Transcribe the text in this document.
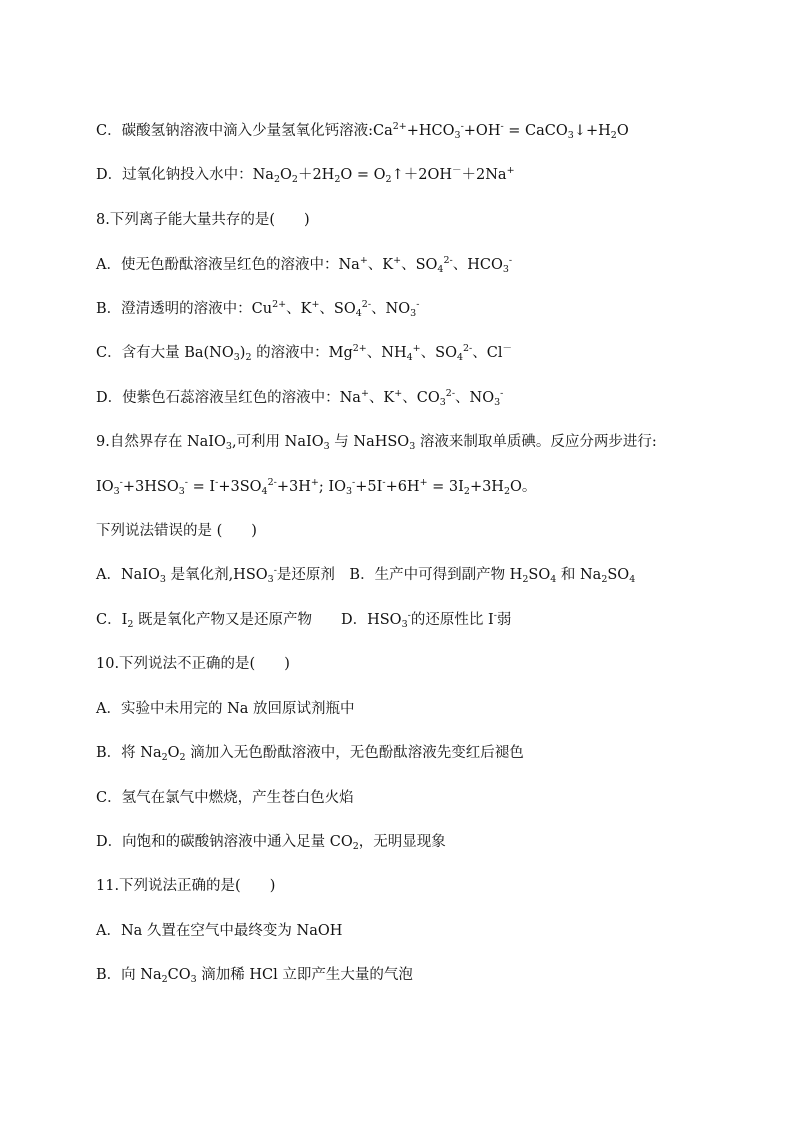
C．碳酸氢钠溶液中滴入少量氢氧化钙溶液$:Ca^{2+}+HCO_3^-+OH^-$ = $CaCO_3↓+H_2O$
D．过氧化钠投入水中：$Na_2O_2+2H_2O$ = $O_2↑+2OH^-+2Na^+$
8.下列离子能大量共存的是(　　)
A．使无色酚酞溶液呈红色的溶液中：Na+、K+、$SO_4^{2-}$、$HCO_3^-$
B．澄清透明的溶液中：$Cu^{2+}$、K+、$SO_4^{2-}$、$NO_3^-$
C．含有大量 $Ba(NO_3)_2$ 的溶液中：$Mg^{2+}$、$NH_4^+$、$SO_4^{2-}$、Cl－
D．使紫色石蕊溶液呈红色的溶液中：Na+、K+、$CO_3^{2-}$、$NO_3^-$
9.自然界存在 NaIO$_3$,可利用 NaIO$_3$ 与 NaHSO$_3$ 溶液来制取单质碘。反应分两步进行:
$IO_3^-+3HSO_3^- = I^-+3SO_4^{2-}+3H^+$; $IO_3^-+5I^-+6H^+ = 3I_2+3H_2O$。
下列说法错误的是 (　　)
A．NaIO$_3$ 是氧化剂$,HSO_3^-$是还原剂　B．生产中可得到副产物 $H_2SO_4$ 和 $Na_2SO_4$
C．$I_2$ 既是氧化产物又是还原产物　　D．$HSO_3^-$的还原性比 I-弱
10.下列说法不正确的是(　　)
A．实验中未用完的 Na 放回原试剂瓶中
B．将 $Na_2O_2$ 滴加入无色酚酞溶液中，无色酚酞溶液先变红后褪色
C．氢气在氯气中燃烧，产生苍白色火焰
D．向饱和的碳酸钠溶液中通入足量 $CO_2$，无明显现象
11.下列说法正确的是(　　)
A．Na 久置在空气中最终变为 NaOH
B．向 $Na_2CO_3$ 滴加稀 HCl 立即产生大量的气泡
